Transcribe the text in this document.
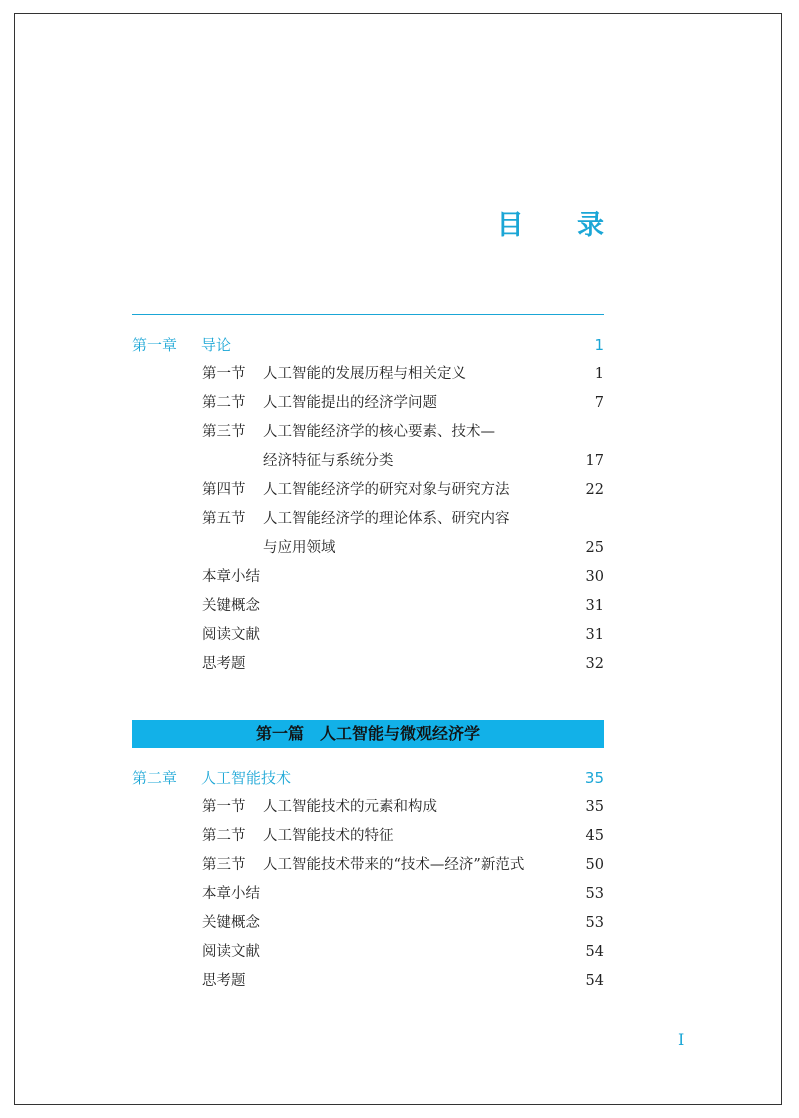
目 录
第一章 导论	1
第一节 人工智能的发展历程与相关定义	1
第二节 人工智能提出的经济学问题	7
第三节 人工智能经济学的核心要素、技术—
经济特征与系统分类	17
第四节 人工智能经济学的研究对象与研究方法	22
第五节 人工智能经济学的理论体系、研究内容
与应用领域	25
本章小结	30
关键概念	31
阅读文献	31
思考题	32
第一篇　人工智能与微观经济学
第二章 人工智能技术	35
第一节 人工智能技术的元素和构成	35
第二节 人工智能技术的特征	45
第三节 人工智能技术带来的“技术—经济”新范式	50
本章小结	53
关键概念	53
阅读文献	54
思考题	54
I
